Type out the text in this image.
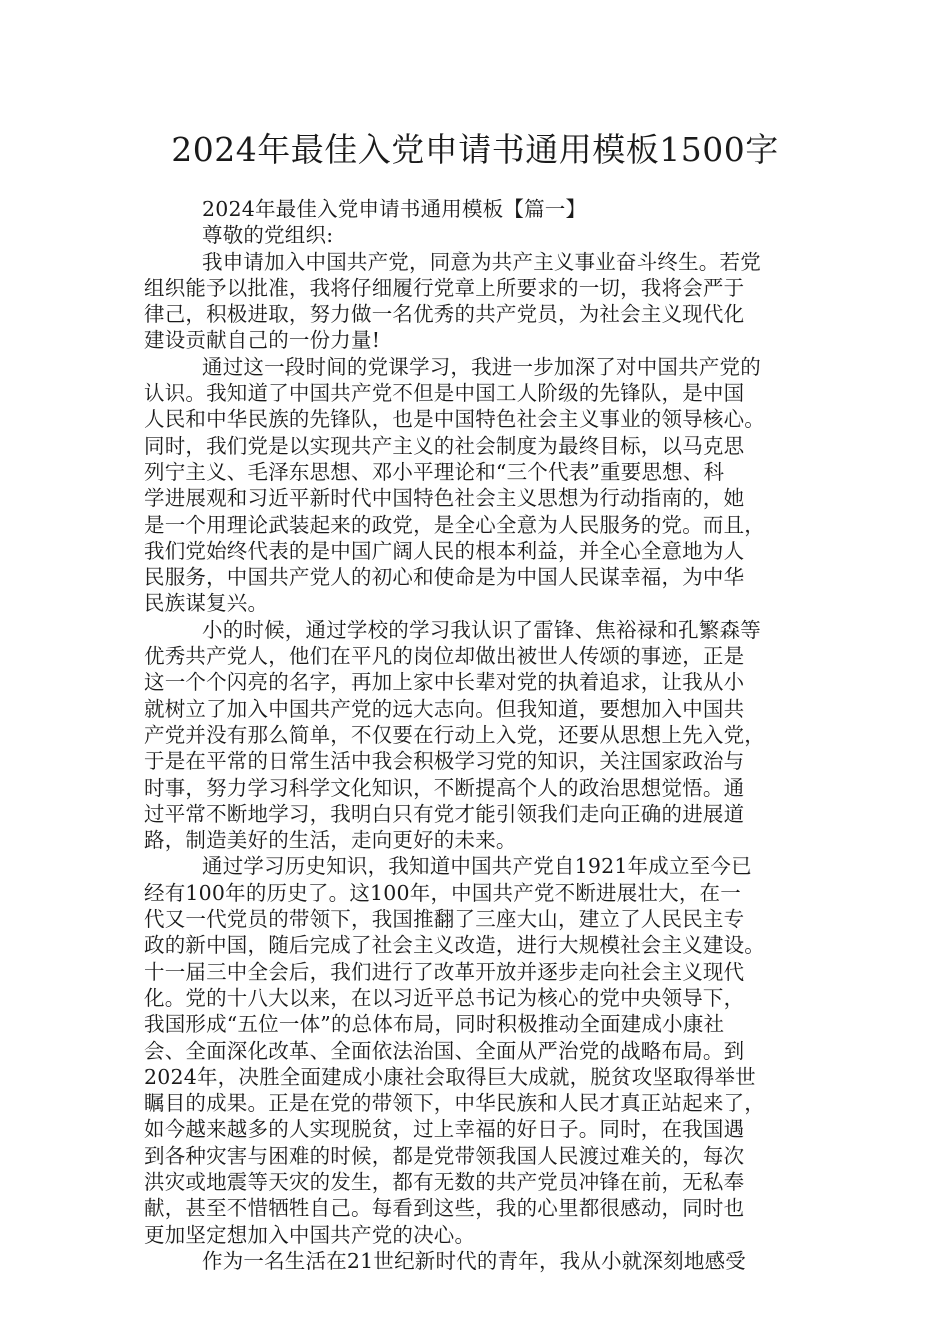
2024年最佳入党申请书通用模板1500字
2024年最佳入党申请书通用模板【篇一】
尊敬的党组织:
我申请加入中国共产党，同意为共产主义事业奋斗终生。若党
组织能予以批准，我将仔细履行党章上所要求的一切，我将会严于
律己，积极进取，努力做一名优秀的共产党员，为社会主义现代化
建设贡献自己的一份力量!
通过这一段时间的党课学习，我进一步加深了对中国共产党的
认识。我知道了中国共产党不但是中国工人阶级的先锋队，是中国
人民和中华民族的先锋队，也是中国特色社会主义事业的领导核心。
同时，我们党是以实现共产主义的社会制度为最终目标，以马克思
列宁主义、毛泽东思想、邓小平理论和“三个代表”重要思想、科
学进展观和习近平新时代中国特色社会主义思想为行动指南的，她
是一个用理论武装起来的政党，是全心全意为人民服务的党。而且，
我们党始终代表的是中国广阔人民的根本利益，并全心全意地为人
民服务，中国共产党人的初心和使命是为中国人民谋幸福，为中华
民族谋复兴。
小的时候，通过学校的学习我认识了雷锋、焦裕禄和孔繁森等
优秀共产党人，他们在平凡的岗位却做出被世人传颂的事迹，正是
这一个个闪亮的名字，再加上家中长辈对党的执着追求，让我从小
就树立了加入中国共产党的远大志向。但我知道，要想加入中国共
产党并没有那么简单，不仅要在行动上入党，还要从思想上先入党，
于是在平常的日常生活中我会积极学习党的知识，关注国家政治与
时事，努力学习科学文化知识，不断提高个人的政治思想觉悟。通
过平常不断地学习，我明白只有党才能引领我们走向正确的进展道
路，制造美好的生活，走向更好的未来。
通过学习历史知识，我知道中国共产党自1921年成立至今已
经有100年的历史了。这100年，中国共产党不断进展壮大，在一
代又一代党员的带领下，我国推翻了三座大山，建立了人民民主专
政的新中国，随后完成了社会主义改造，进行大规模社会主义建设。
十一届三中全会后，我们进行了改革开放并逐步走向社会主义现代
化。党的十八大以来，在以习近平总书记为核心的党中央领导下，
我国形成“五位一体”的总体布局，同时积极推动全面建成小康社
会、全面深化改革、全面依法治国、全面从严治党的战略布局。到
2024年，决胜全面建成小康社会取得巨大成就，脱贫攻坚取得举世
瞩目的成果。正是在党的带领下，中华民族和人民才真正站起来了，
如今越来越多的人实现脱贫，过上幸福的好日子。同时，在我国遇
到各种灾害与困难的时候，都是党带领我国人民渡过难关的，每次
洪灾或地震等天灾的发生，都有无数的共产党员冲锋在前，无私奉
献，甚至不惜牺牲自己。每看到这些，我的心里都很感动，同时也
更加坚定想加入中国共产党的决心。
作为一名生活在21世纪新时代的青年，我从小就深刻地感受
